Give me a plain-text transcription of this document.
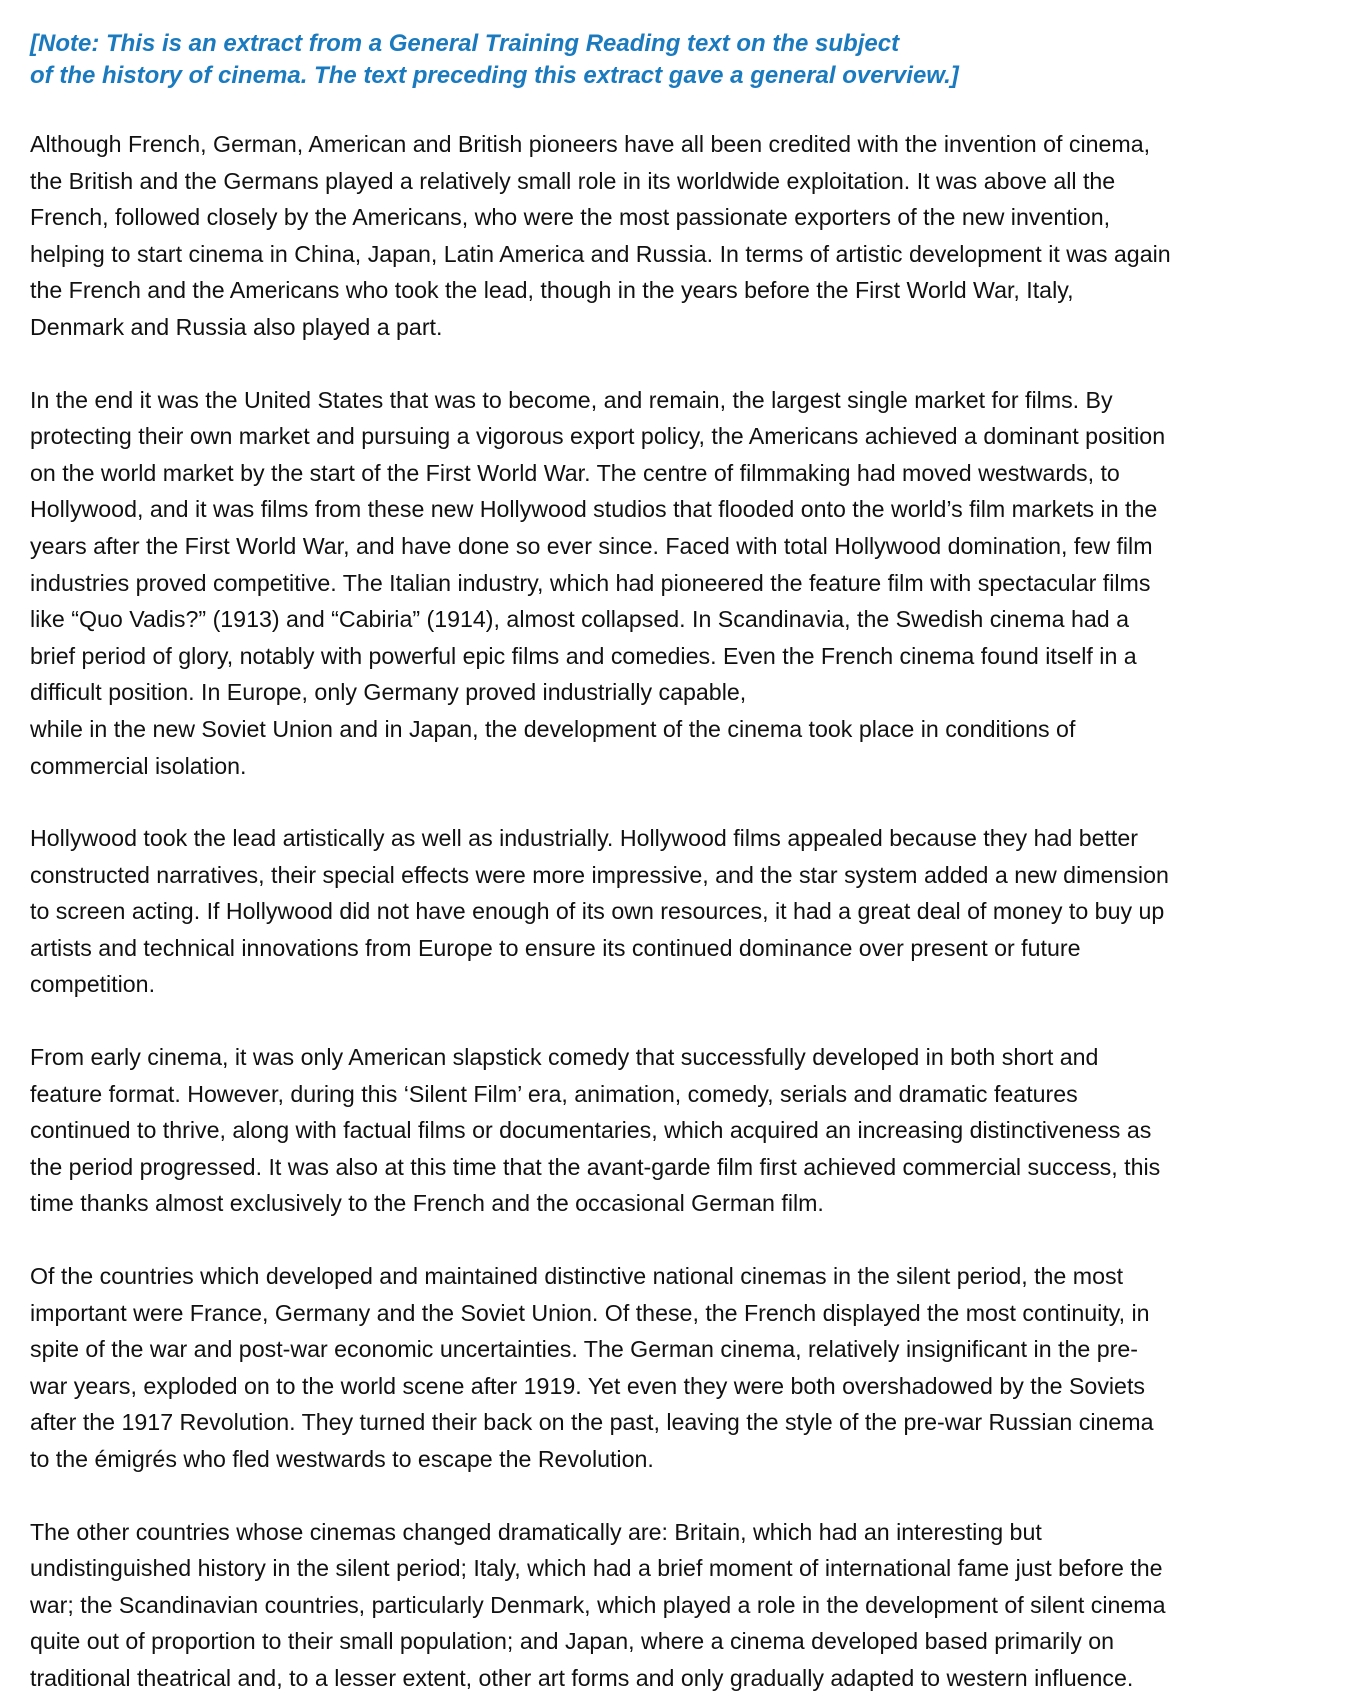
[Note: This is an extract from a General Training Reading text on the subject
of the history of cinema. The text preceding this extract gave a general overview.]

Although French, German, American and British pioneers have all been credited with the invention of cinema,
the British and the Germans played a relatively small role in its worldwide exploitation. It was above all the
French, followed closely by the Americans, who were the most passionate exporters of the new invention,
helping to start cinema in China, Japan, Latin America and Russia. In terms of artistic development it was again
the French and the Americans who took the lead, though in the years before the First World War, Italy,
Denmark and Russia also played a part.

In the end it was the United States that was to become, and remain, the largest single market for films. By
protecting their own market and pursuing a vigorous export policy, the Americans achieved a dominant position
on the world market by the start of the First World War. The centre of filmmaking had moved westwards, to
Hollywood, and it was films from these new Hollywood studios that flooded onto the world’s film markets in the
years after the First World War, and have done so ever since. Faced with total Hollywood domination, few film
industries proved competitive. The Italian industry, which had pioneered the feature film with spectacular films
like “Quo Vadis?” (1913) and “Cabiria” (1914), almost collapsed. In Scandinavia, the Swedish cinema had a
brief period of glory, notably with powerful epic films and comedies. Even the French cinema found itself in a
difficult position. In Europe, only Germany proved industrially capable,
while in the new Soviet Union and in Japan, the development of the cinema took place in conditions of
commercial isolation.

Hollywood took the lead artistically as well as industrially. Hollywood films appealed because they had better
constructed narratives, their special effects were more impressive, and the star system added a new dimension
to screen acting. If Hollywood did not have enough of its own resources, it had a great deal of money to buy up
artists and technical innovations from Europe to ensure its continued dominance over present or future
competition.

From early cinema, it was only American slapstick comedy that successfully developed in both short and
feature format. However, during this ‘Silent Film’ era, animation, comedy, serials and dramatic features
continued to thrive, along with factual films or documentaries, which acquired an increasing distinctiveness as
the period progressed. It was also at this time that the avant-garde film first achieved commercial success, this
time thanks almost exclusively to the French and the occasional German film.

Of the countries which developed and maintained distinctive national cinemas in the silent period, the most
important were France, Germany and the Soviet Union. Of these, the French displayed the most continuity, in
spite of the war and post-war economic uncertainties. The German cinema, relatively insignificant in the pre-
war years, exploded on to the world scene after 1919. Yet even they were both overshadowed by the Soviets
after the 1917 Revolution. They turned their back on the past, leaving the style of the pre-war Russian cinema
to the émigrés who fled westwards to escape the Revolution.

The other countries whose cinemas changed dramatically are: Britain, which had an interesting but
undistinguished history in the silent period; Italy, which had a brief moment of international fame just before the
war; the Scandinavian countries, particularly Denmark, which played a role in the development of silent cinema
quite out of proportion to their small population; and Japan, where a cinema developed based primarily on
traditional theatrical and, to a lesser extent, other art forms and only gradually adapted to western influence.
